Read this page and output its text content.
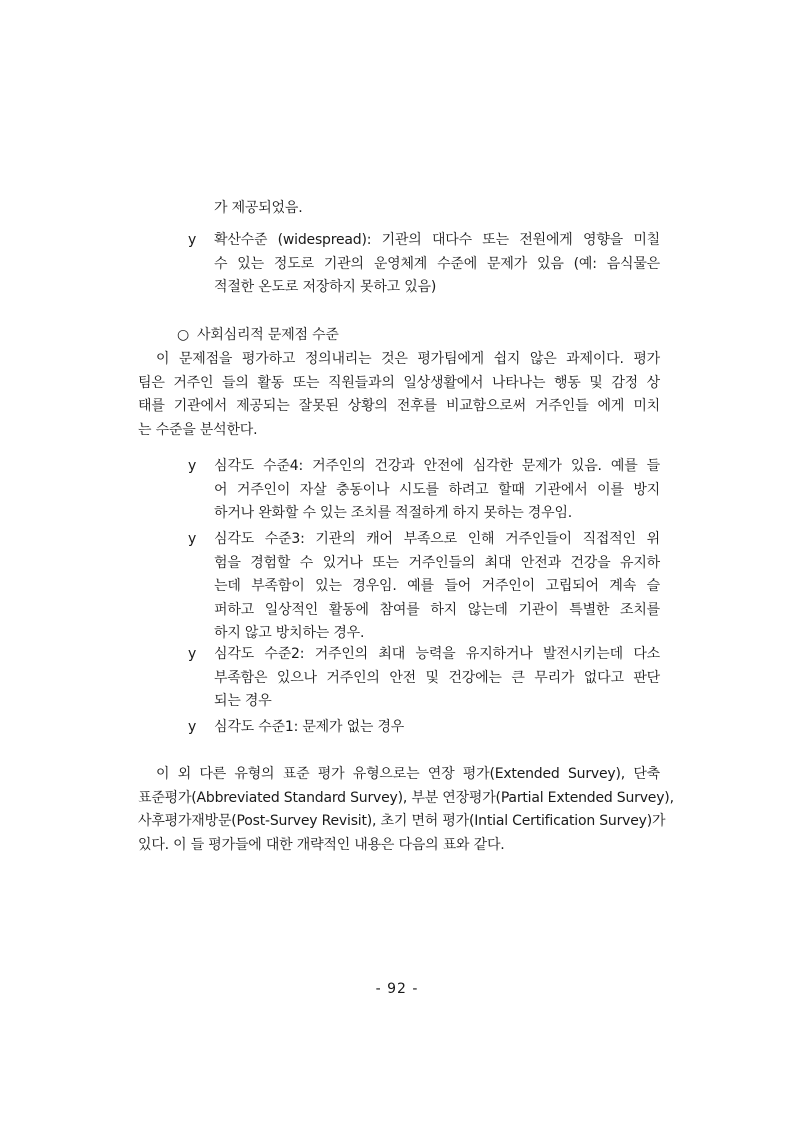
가 제공되었음.
y	확산수준 (widespread): 기관의 대다수 또는 전원에게 영향을 미칠
수 있는 정도로 기관의 운영체계 수준에 문제가 있음 (예: 음식물은
적절한 온도로 저장하지 못하고 있음)
○ 사회심리적 문제점 수준
이 문제점을 평가하고 정의내리는 것은 평가팀에게 쉽지 않은 과제이다. 평가
팀은 거주인 들의 활동 또는 직원들과의 일상생활에서 나타나는 행동 및 감정 상
태를 기관에서 제공되는 잘못된 상황의 전후를 비교함으로써 거주인들 에게 미치
는 수준을 분석한다.
y	심각도 수준4: 거주인의 건강과 안전에 심각한 문제가 있음. 예를 들
어 거주인이 자살 충동이나 시도를 하려고 할때 기관에서 이를 방지
하거나 완화할 수 있는 조치를 적절하게 하지 못하는 경우임.
y	심각도 수준3: 기관의 캐어 부족으로 인해 거주인들이 직접적인 위
험을 경험할 수 있거나 또는 거주인들의 최대 안전과 건강을 유지하
는데 부족함이 있는 경우임. 예를 들어 거주인이 고립되어 계속 슬
퍼하고 일상적인 활동에 참여를 하지 않는데 기관이 특별한 조치를
하지 않고 방치하는 경우.
y	심각도 수준2: 거주인의 최대 능력을 유지하거나 발전시키는데 다소
부족함은 있으나 거주인의 안전 및 건강에는 큰 무리가 없다고 판단
되는 경우
y	심각도 수준1: 문제가 없는 경우
이 외 다른 유형의 표준 평가 유형으로는 연장 평가(Extended Survey), 단축
표준평가(Abbreviated Standard Survey), 부분 연장평가(Partial Extended Survey),
사후평가재방문(Post-Survey Revisit), 초기 면허 평가(Intial Certification Survey)가
있다. 이 들 평가들에 대한 개략적인 내용은 다음의 표와 같다.
- 92 -
